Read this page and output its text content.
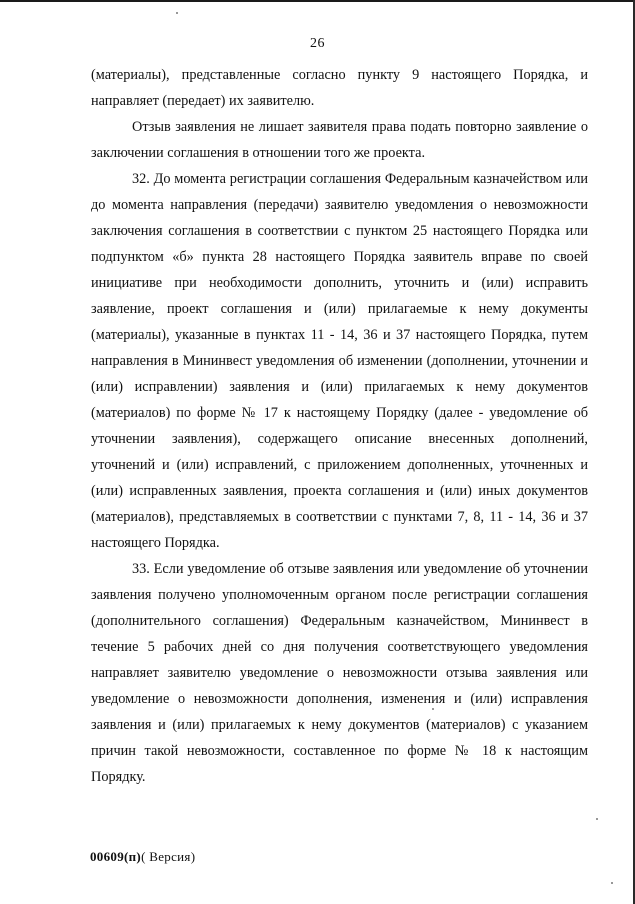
26

(материалы), представленные согласно пункту 9 настоящего Порядка, и направляет (передает) их заявителю.

Отзыв заявления не лишает заявителя права подать повторно заявление о заключении соглашения в отношении того же проекта.

32. До момента регистрации соглашения Федеральным казначейством или до момента направления (передачи) заявителю уведомления о невозможности заключения соглашения в соответствии с пунктом 25 настоящего Порядка или подпунктом «б» пункта 28 настоящего Порядка заявитель вправе по своей инициативе при необходимости дополнить, уточнить и (или) исправить заявление, проект соглашения и (или) прилагаемые к нему документы (материалы), указанные в пунктах 11 - 14, 36 и 37 настоящего Порядка, путем направления в Мининвест уведомления об изменении (дополнении, уточнении и (или) исправлении) заявления и (или) прилагаемых к нему документов (материалов) по форме № 17 к настоящему Порядку (далее - уведомление об уточнении заявления), содержащего описание внесенных дополнений, уточнений и (или) исправлений, с приложением дополненных, уточненных и (или) исправленных заявления, проекта соглашения и (или) иных документов (материалов), представляемых в соответствии с пунктами 7, 8, 11 - 14, 36 и 37 настоящего Порядка.

33. Если уведомление об отзыве заявления или уведомление об уточнении заявления получено уполномоченным органом после регистрации соглашения (дополнительного соглашения) Федеральным казначейством, Мининвест в течение 5 рабочих дней со дня получения соответствующего уведомления направляет заявителю уведомление о невозможности отзыва заявления или уведомление о невозможности дополнения, изменения и (или) исправления заявления и (или) прилагаемых к нему документов (материалов) с указанием причин такой невозможности, составленное по форме № 18 к настоящим Порядку.

00609(п)( Версия)
